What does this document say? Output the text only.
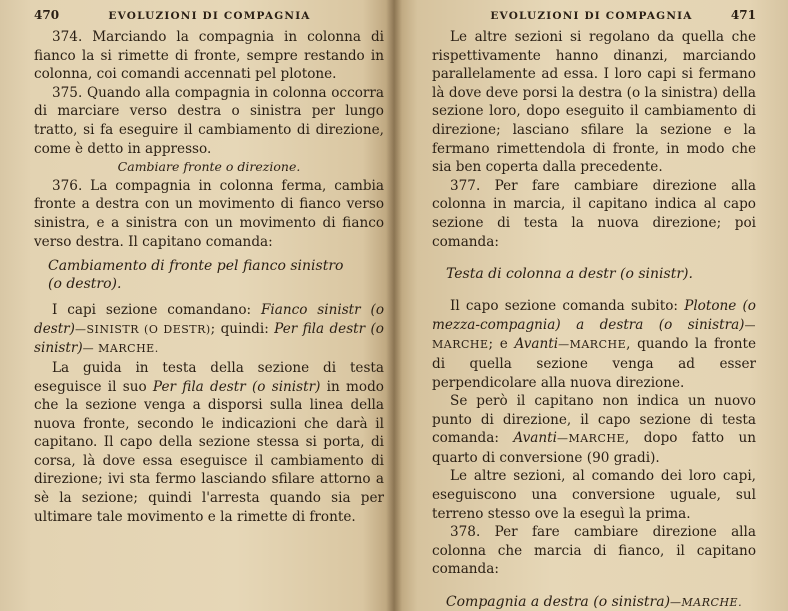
470	EVOLUZIONI DI COMPAGNIA

374. Marciando la compagnia in colonna di fianco la si rimette di fronte, sempre restando in colonna, coi comandi accennati pel plotone.

375. Quando alla compagnia in colonna occorra di marciare verso destra o sinistra per lungo tratto, si fa eseguire il cambiamento di direzione, come è detto in appresso.

Cambiare fronte o direzione.

376. La compagnia in colonna ferma, cambia fronte a destra con un movimento di fianco verso sinistra, e a sinistra con un movimento di fianco verso destra. Il capitano comanda:

Cambiamento di fronte pel fianco sinistro
(o destro).

I capi sezione comandano: Fianco sinistr (o destr)—SINISTR (O DESTR); quindi: Per fila destr (o sinistr)— MARCHE.

La guida in testa della sezione di testa eseguisce il suo Per fila destr (o sinistr) in modo che la sezione venga a disporsi sulla linea della nuova fronte, secondo le indicazioni che darà il capitano. Il capo della sezione stessa si porta, di corsa, là dove essa eseguisce il cambiamento di direzione; ivi sta fermo lasciando sfilare attorno a sè la sezione; quindi l'arresta quando sia per ultimare tale movimento e la rimette di fronte.

EVOLUZIONI DI COMPAGNIA	471

Le altre sezioni si regolano da quella che rispettivamente hanno dinanzi, marciando parallelamente ad essa. I loro capi si fermano là dove deve porsi la destra (o la sinistra) della sezione loro, dopo eseguito il cambiamento di direzione; lasciano sfilare la sezione e la fermano rimettendola di fronte, in modo che sia ben coperta dalla precedente.

377. Per fare cambiare direzione alla colonna in marcia, il capitano indica al capo sezione di testa la nuova direzione; poi comanda:

Testa di colonna a destr (o sinistr).

Il capo sezione comanda subito: Plotone (o mezza-compagnia) a destra (o sinistra)—MARCHE; e Avanti—MARCHE, quando la fronte di quella sezione venga ad esser perpendicolare alla nuova direzione.

Se però il capitano non indica un nuovo punto di direzione, il capo sezione di testa comanda: Avanti—MARCHE, dopo fatto un quarto di conversione (90 gradi).

Le altre sezioni, al comando dei loro capi, eseguiscono una conversione uguale, sul terreno stesso ove la eseguì la prima.

378. Per fare cambiare direzione alla colonna che marcia di fianco, il capitano comanda:

Compagnia a destra (o sinistra)—MARCHE.
